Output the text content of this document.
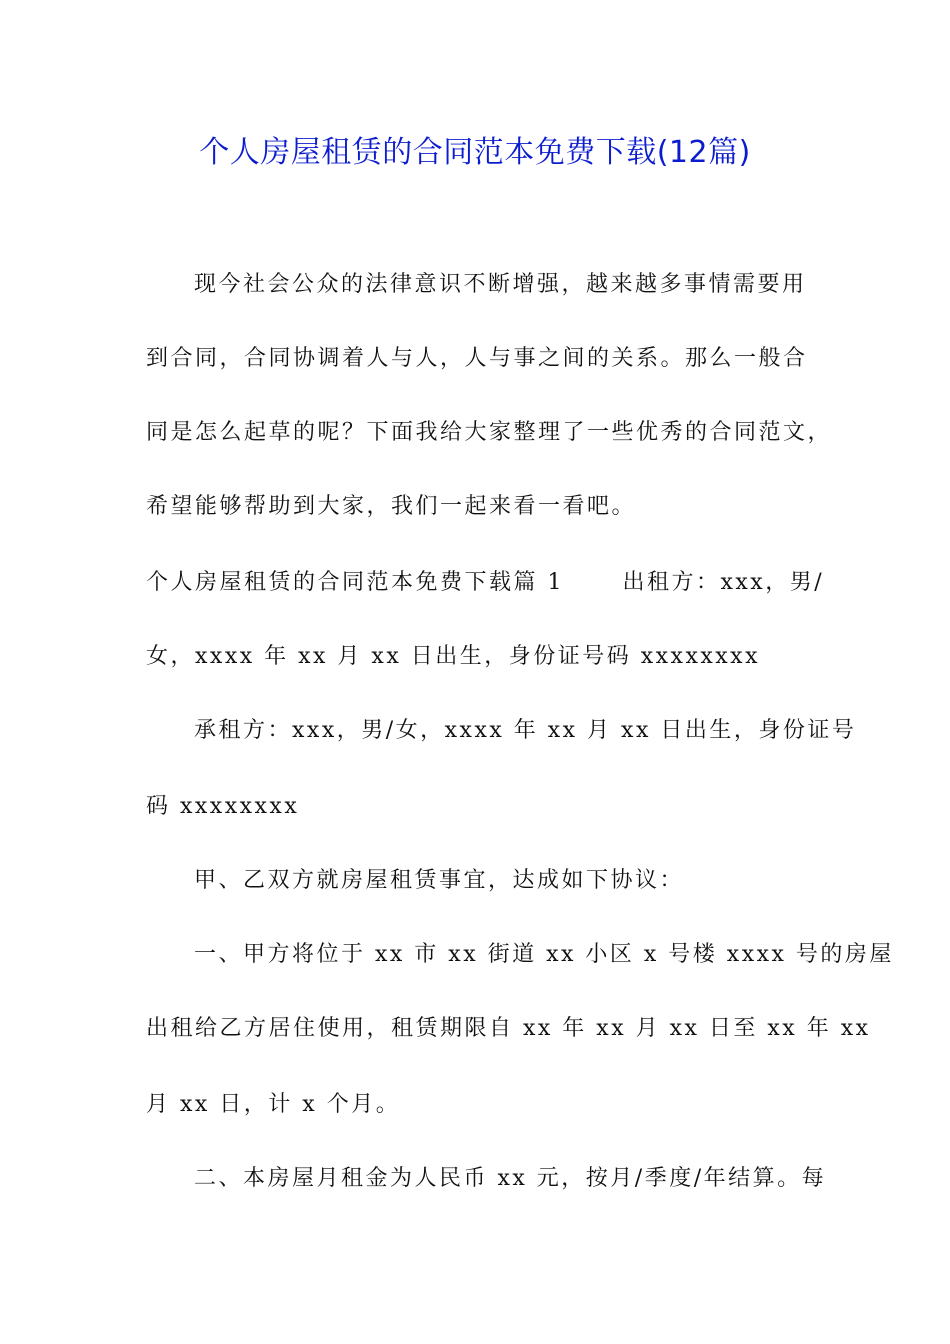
个人房屋租赁的合同范本免费下载(12篇)
现今社会公众的法律意识不断增强，越来越多事情需要用
到合同，合同协调着人与人，人与事之间的关系。那么一般合
同是怎么起草的呢？下面我给大家整理了一些优秀的合同范文，
希望能够帮助到大家，我们一起来看一看吧。
个人房屋租赁的合同范本免费下载篇 1　　 出租方：xxx，男/
女，xxxx 年 xx 月 xx 日出生，身份证号码 xxxxxxxx
承租方：xxx，男/女，xxxx 年 xx 月 xx 日出生，身份证号
码 xxxxxxxx
甲、乙双方就房屋租赁事宜，达成如下协议：
一、甲方将位于 xx 市 xx 街道 xx 小区 x 号楼 xxxx 号的房屋
出租给乙方居住使用，租赁期限自 xx 年 xx 月 xx 日至 xx 年 xx
月 xx 日，计 x 个月。
二、本房屋月租金为人民币 xx 元，按月/季度/年结算。每
